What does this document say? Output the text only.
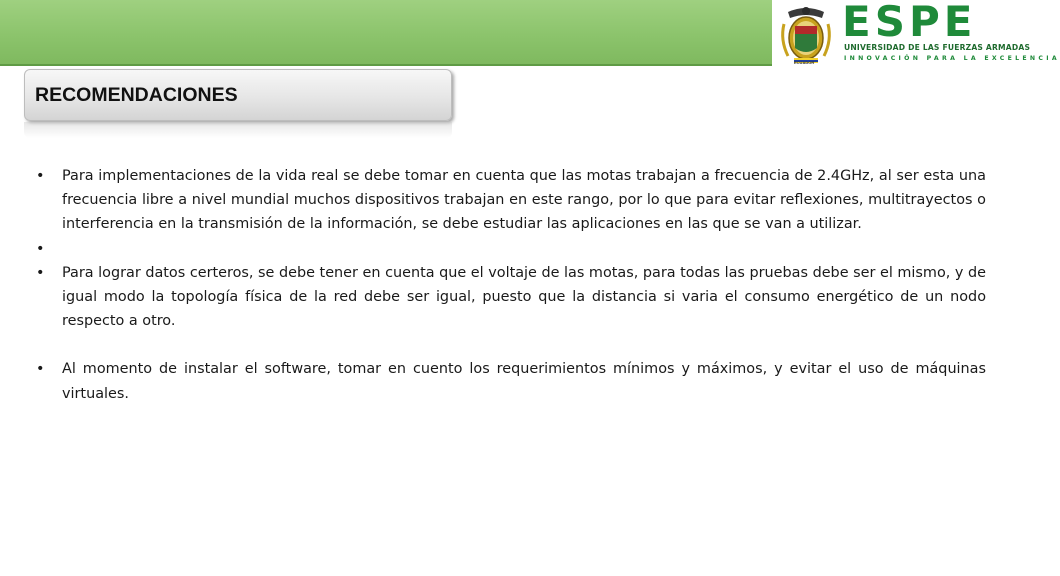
ECUADOR
ESPE
UNIVERSIDAD DE LAS FUERZAS ARMADAS
INNOVACIÓN PARA LA EXCELENCIA
RECOMENDACIONES
• Para implementaciones de la vida real se debe tomar en cuenta que las motas trabajan a frecuencia de 2.4GHz, al ser esta una frecuencia libre a nivel mundial muchos dispositivos trabajan en este rango, por lo que para evitar reflexiones, multitrayectos o interferencia en la transmisión de la información, se debe estudiar las aplicaciones en las que se van a utilizar.
•

• Para lograr datos certeros, se debe tener en cuenta que el voltaje de las motas, para todas las pruebas debe ser el mismo, y de igual modo la topología física de la red debe ser igual, puesto que la distancia si varia el consumo energético de un nodo respecto a otro.
• Al momento de instalar el software, tomar en cuento los requerimientos mínimos y máximos, y evitar el uso de máquinas virtuales.
